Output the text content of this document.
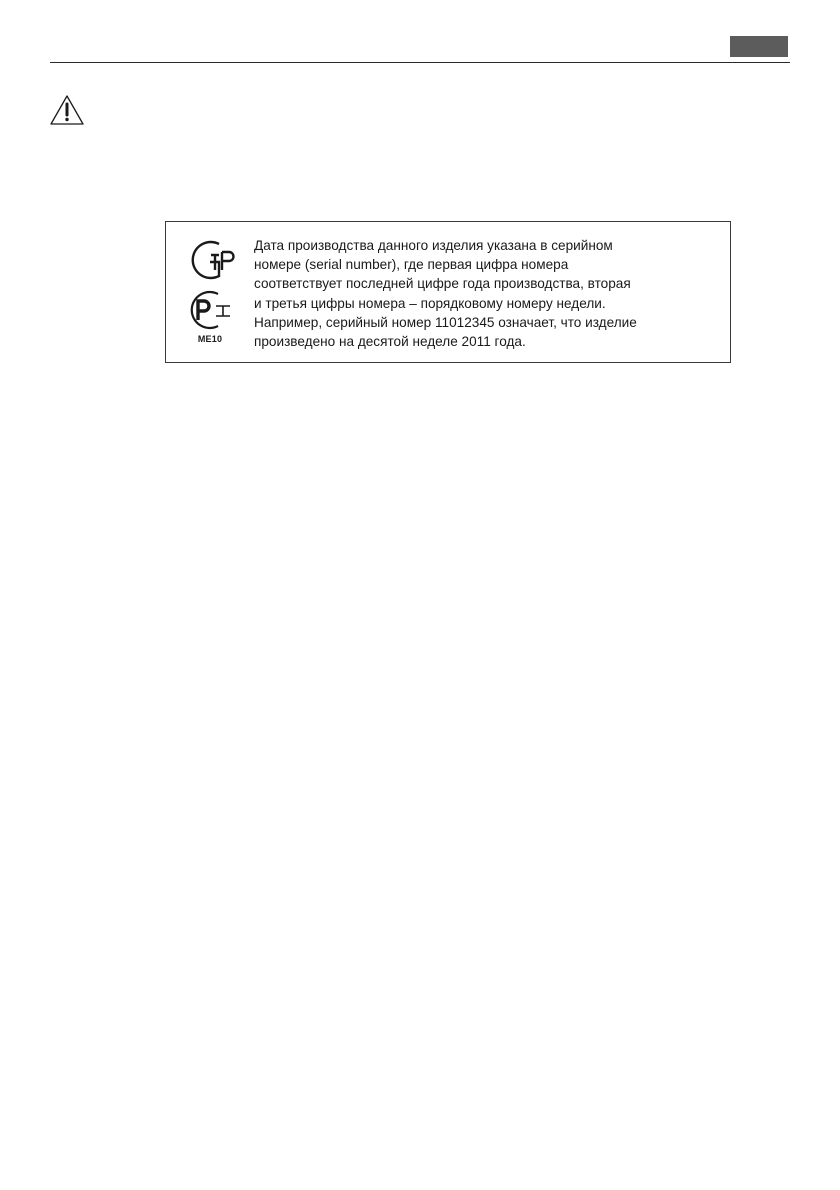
ME10

Дата производства данного изделия указана в серийном
номере (serial number), где первая цифра номера
соответствует последней цифре года производства, вторая
и третья цифры номера – порядковому номеру недели.
Например, серийный номер 11012345 означает, что изделие
произведено на десятой неделе 2011 года.
